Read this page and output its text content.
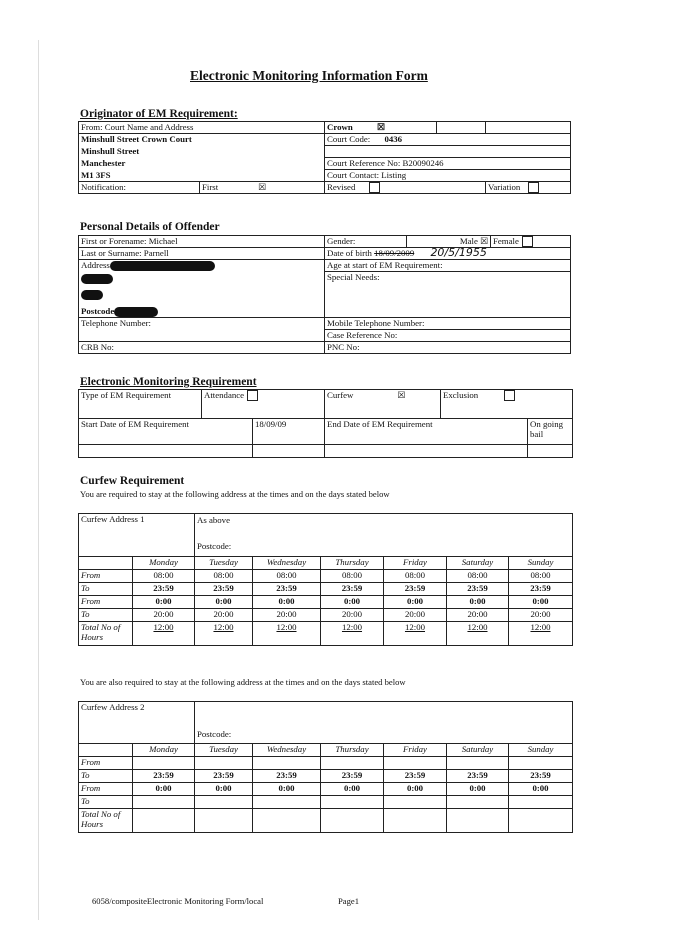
Electronic Monitoring Information Form
Originator of EM Requirement:
From: Court Name and Address		Crown ☒		
Minshull Street Crown Court		Court Code: 0436		
Minshull Street				
Manchester		Court Reference No: B20090246		
M1 3FS		Court Contact: Listing		
Notification:	First ☒	Revised		Variation
Personal Details of Offender
First or Forename: Michael	Gender:	Male ☒	Female
Last or Surname: Parnell	Date of birth 18/09/2009 20/5/1955		
Address	Age at start of EM Requirement:		

	Special Needs:		
Postcode			
Telephone Number:	Mobile Telephone Number:		
	Case Reference No:		
CRB No:	PNC No:		
Electronic Monitoring Requirement
Type of EM Requirement	Attendance		Curfew ☒	Exclusion	
Start Date of EM Requirement		18/09/09	End Date of EM Requirement		On going bail

Curfew Requirement
You are required to stay at the following address at the times and on the days stated below
Curfew Address 1		As above

Postcode:					
	Monday	Tuesday	Wednesday	Thursday	Friday	Saturday	Sunday
From	08:00	08:00	08:00	08:00	08:00	08:00	08:00
To	23:59	23:59	23:59	23:59	23:59	23:59	23:59
From	0:00	0:00	0:00	0:00	0:00	0:00	0:00
To	20:00	20:00	20:00	20:00	20:00	20:00	20:00
Total No of Hours	12:00	12:00	12:00	12:00	12:00	12:00	12:00
You are also required to stay at the following address at the times and on the days stated below
Curfew Address 2		Postcode:					
	Monday	Tuesday	Wednesday	Thursday	Friday	Saturday	Sunday
From							
To	23:59	23:59	23:59	23:59	23:59	23:59	23:59
From	0:00	0:00	0:00	0:00	0:00	0:00	0:00
To							
Total No of Hours							
6058/compositeElectronic Monitoring Form/local	Page1
